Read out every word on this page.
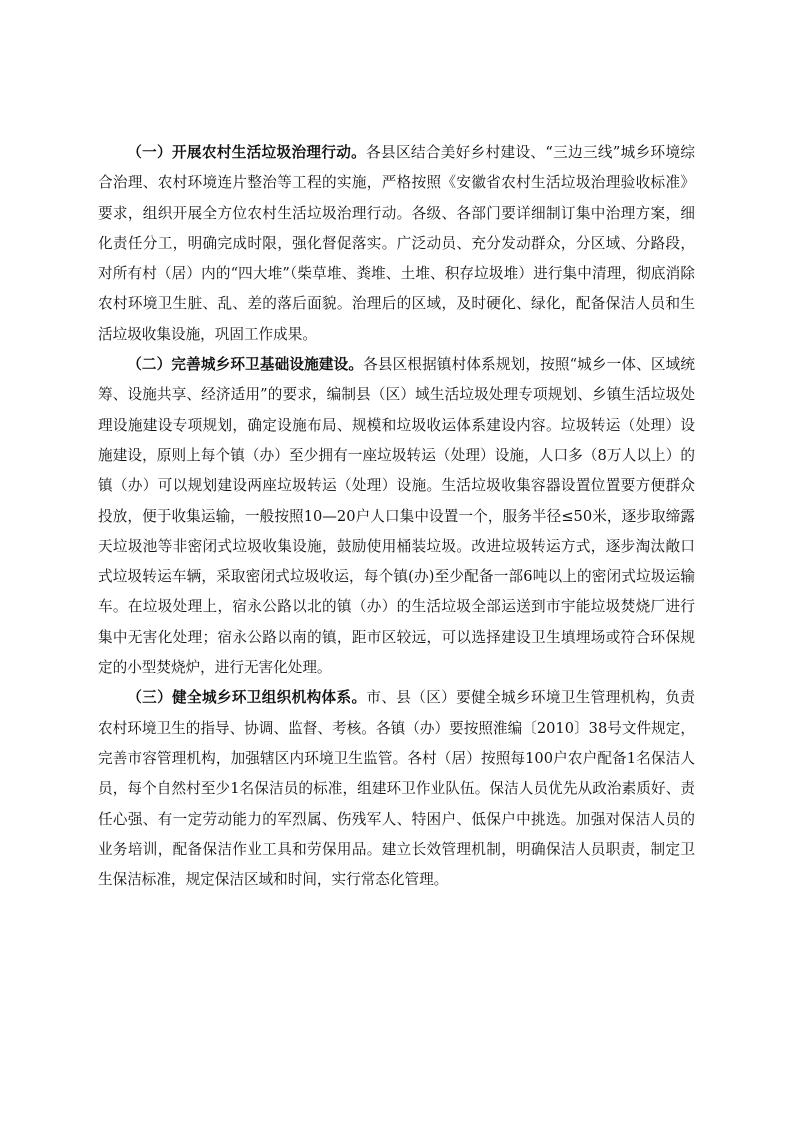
（一）开展农村生活垃圾治理行动。各县区结合美好乡村建设、“三边三线”城乡环境综合治理、农村环境连片整治等工程的实施，严格按照《安徽省农村生活垃圾治理验收标准》要求，组织开展全方位农村生活垃圾治理行动。各级、各部门要详细制订集中治理方案，细化责任分工，明确完成时限，强化督促落实。广泛动员、充分发动群众，分区域、分路段，对所有村（居）内的“四大堆”（柴草堆、粪堆、土堆、积存垃圾堆）进行集中清理，彻底消除农村环境卫生脏、乱、差的落后面貌。治理后的区域，及时硬化、绿化，配备保洁人员和生活垃圾收集设施，巩固工作成果。

（二）完善城乡环卫基础设施建设。各县区根据镇村体系规划，按照“城乡一体、区域统筹、设施共享、经济适用”的要求，编制县（区）域生活垃圾处理专项规划、乡镇生活垃圾处理设施建设专项规划，确定设施布局、规模和垃圾收运体系建设内容。垃圾转运（处理）设施建设，原则上每个镇（办）至少拥有一座垃圾转运（处理）设施，人口多（8万人以上）的镇（办）可以规划建设两座垃圾转运（处理）设施。生活垃圾收集容器设置位置要方便群众投放，便于收集运输，一般按照10—20户人口集中设置一个，服务半径≤50米，逐步取缔露天垃圾池等非密闭式垃圾收集设施，鼓励使用桶装垃圾。改进垃圾转运方式，逐步淘汰敞口式垃圾转运车辆，采取密闭式垃圾收运，每个镇(办)至少配备一部6吨以上的密闭式垃圾运输车。在垃圾处理上，宿永公路以北的镇（办）的生活垃圾全部运送到市宇能垃圾焚烧厂进行集中无害化处理；宿永公路以南的镇，距市区较远，可以选择建设卫生填埋场或符合环保规定的小型焚烧炉，进行无害化处理。

（三）健全城乡环卫组织机构体系。市、县（区）要健全城乡环境卫生管理机构，负责农村环境卫生的指导、协调、监督、考核。各镇（办）要按照淮编〔2010〕38号文件规定，完善市容管理机构，加强辖区内环境卫生监管。各村（居）按照每100户农户配备1名保洁人员，每个自然村至少1名保洁员的标准，组建环卫作业队伍。保洁人员优先从政治素质好、责任心强、有一定劳动能力的军烈属、伤残军人、特困户、低保户中挑选。加强对保洁人员的业务培训，配备保洁作业工具和劳保用品。建立长效管理机制，明确保洁人员职责，制定卫生保洁标准，规定保洁区域和时间，实行常态化管理。
